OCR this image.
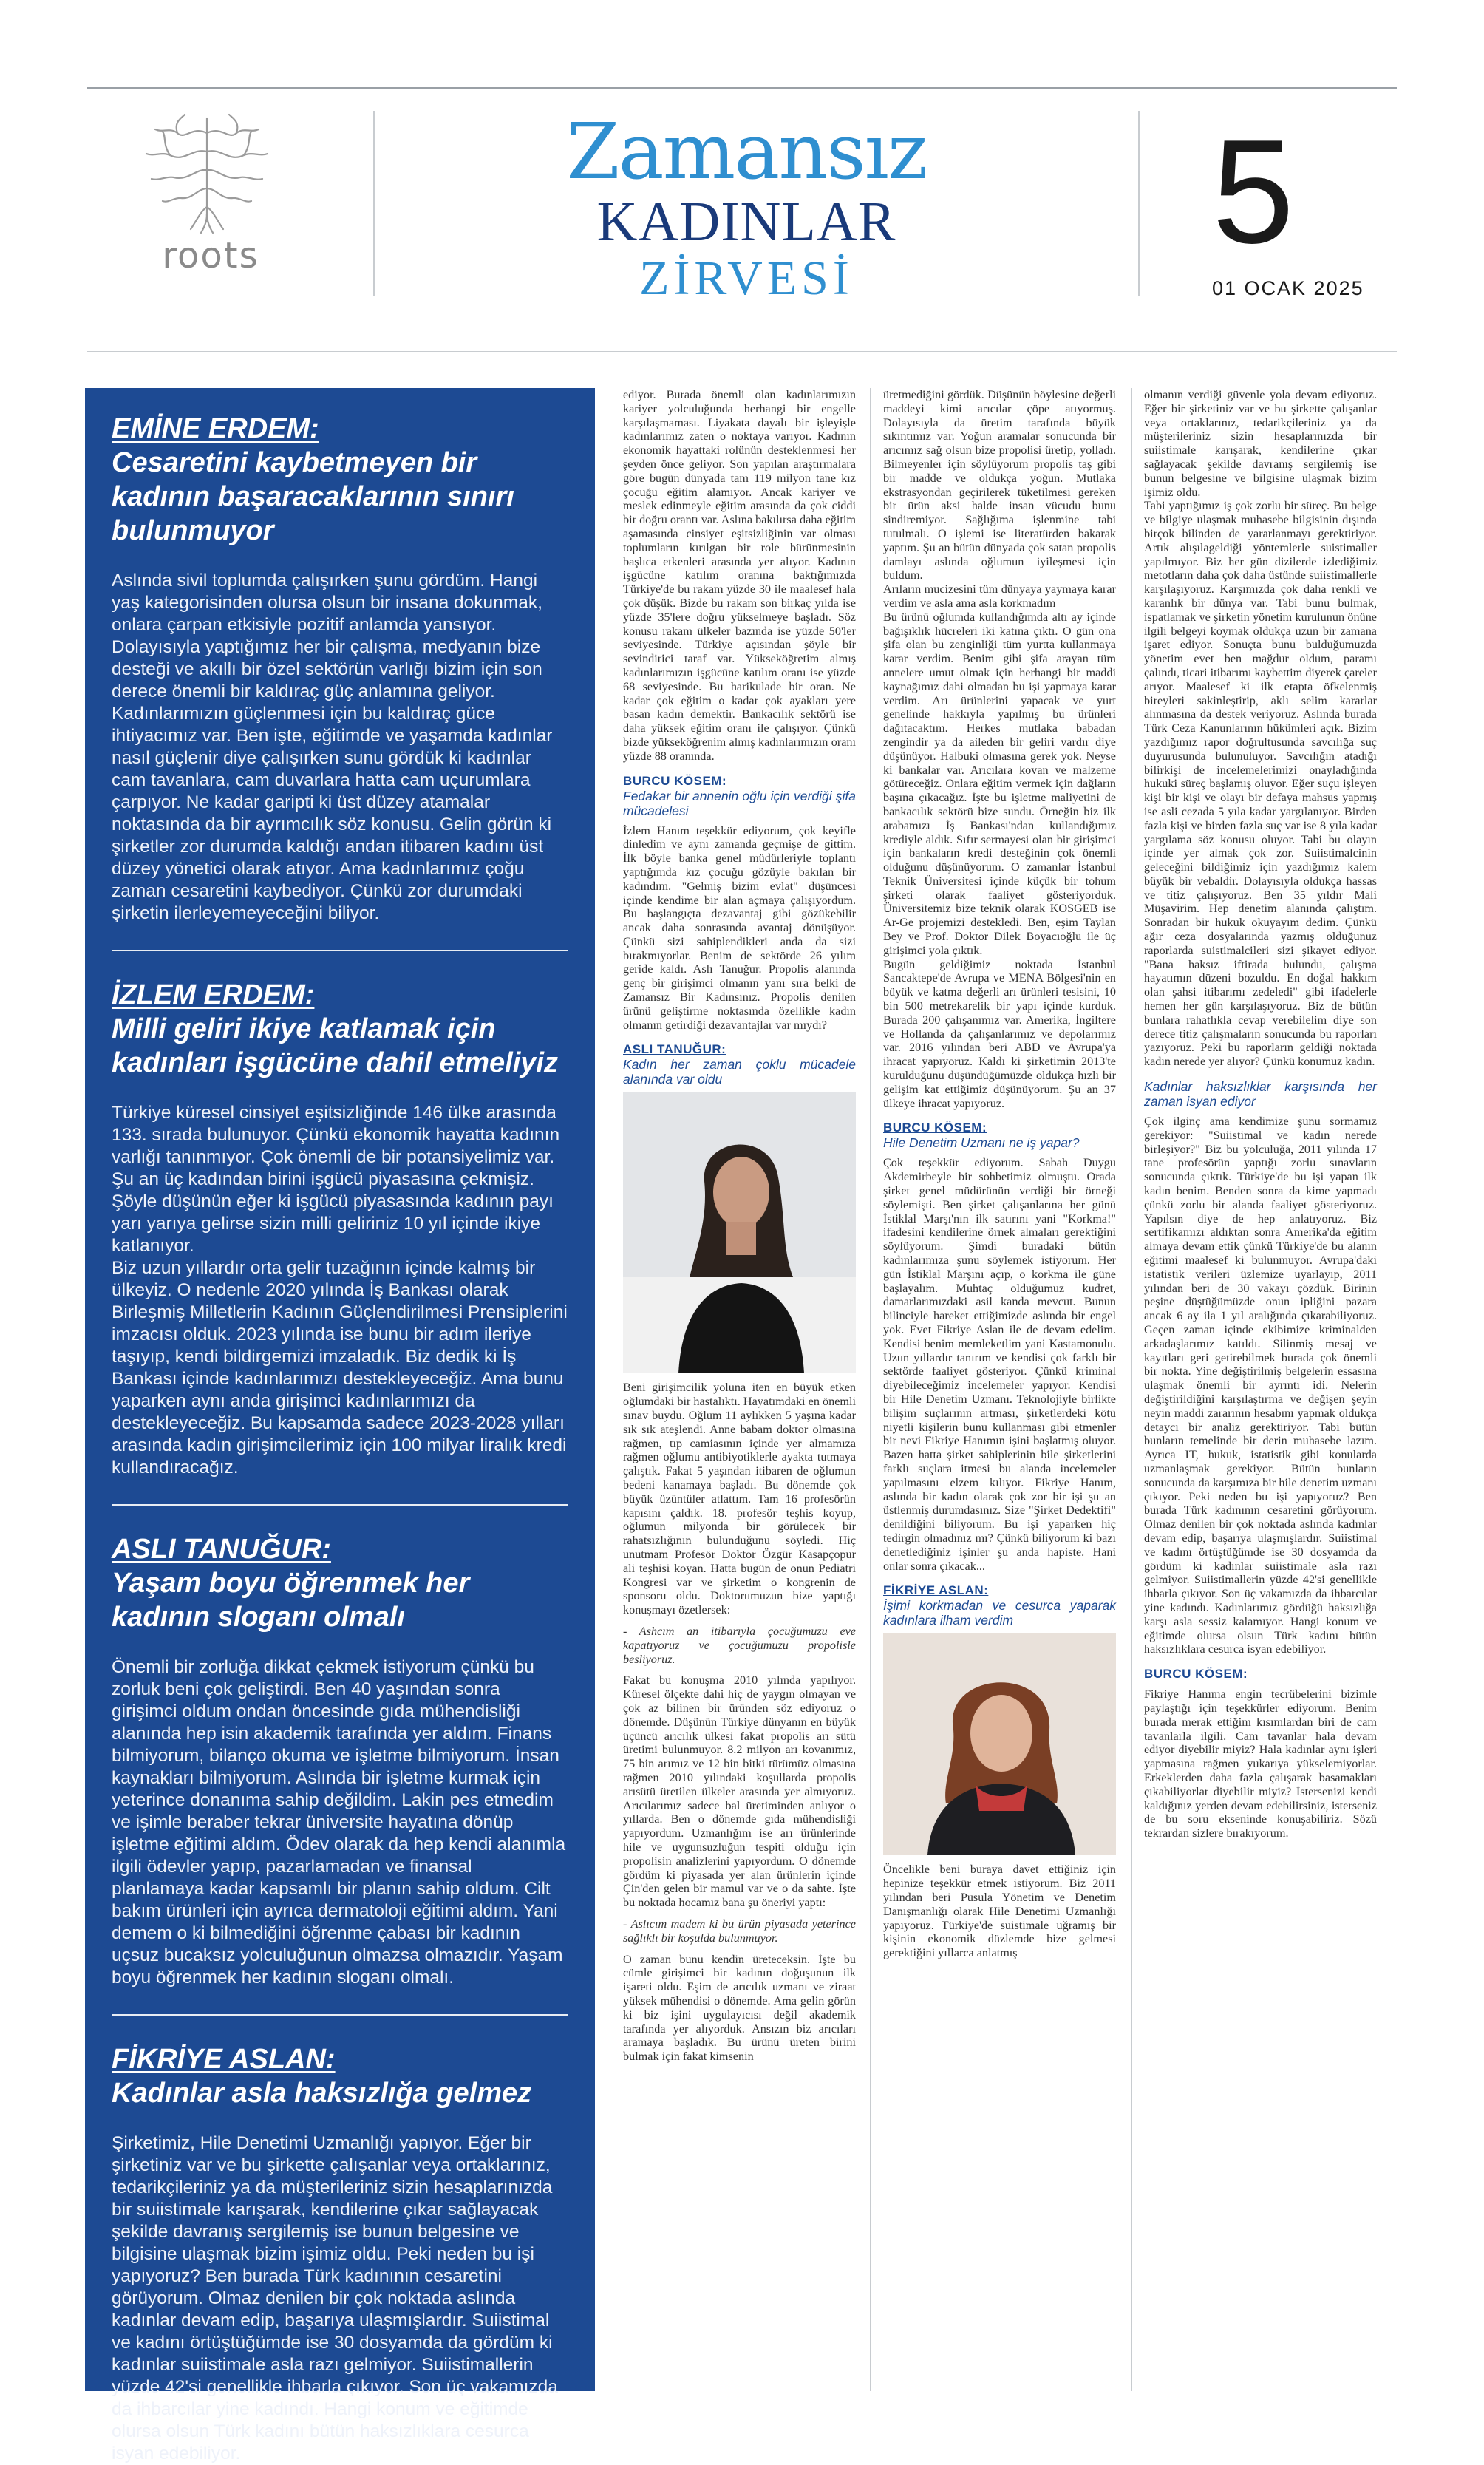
roots
Zamansız
KADINLAR
ZİRVESİ
5
01 OCAK 2025
EMİNE ERDEM:
Cesaretini kaybetmeyen bir kadının başaracaklarının sınırı bulunmuyor

Aslında sivil toplumda çalışırken şunu gördüm. Hangi yaş kategorisinden olursa olsun bir insana dokunmak, onlara çarpan etkisiyle pozitif anlamda yansıyor. Dolayısıyla yaptığımız her bir çalışma, medyanın bize desteği ve akıllı bir özel sektörün varlığı bizim için son derece önemli bir kaldıraç güç anlamına geliyor. Kadınlarımızın güçlenmesi için bu kaldıraç güce ihtiyacımız var. Ben işte, eğitimde ve yaşamda kadınlar nasıl güçlenir diye çalışırken sunu gördük ki kadınlar cam tavanlara, cam duvarlara hatta cam uçurumlara çarpıyor. Ne kadar garipti ki üst düzey atamalar noktasında da bir ayrımcılık söz konusu. Gelin görün ki şirketler zor durumda kaldığı andan itibaren kadını üst düzey yönetici olarak atıyor. Ama kadınlarımız çoğu zaman cesaretini kaybediyor. Çünkü zor durumdaki şirketin ilerleyemeyeceğini biliyor.

İZLEM ERDEM:
Milli geliri ikiye katlamak için kadınları işgücüne dahil etmeliyiz

Türkiye küresel cinsiyet eşitsizliğinde 146 ülke arasında 133. sırada bulunuyor. Çünkü ekonomik hayatta kadının varlığı tanınmıyor. Çok önemli de bir potansiyelimiz var. Şu an üç kadından birini işgücü piyasasına çekmişiz. Şöyle düşünün eğer ki işgücü piyasasında kadının payı yarı yarıya gelirse sizin milli geliriniz 10 yıl içinde ikiye katlanıyor.
Biz uzun yıllardır orta gelir tuzağının içinde kalmış bir ülkeyiz. O nedenle 2020 yılında İş Bankası olarak Birleşmiş Milletlerin Kadının Güçlendirilmesi Prensiplerini imzacısı olduk. 2023 yılında ise bunu bir adım ileriye taşıyıp, kendi bildirgemizi imzaladık. Biz dedik ki İş Bankası içinde kadınlarımızı destekleyeceğiz. Ama bunu yaparken aynı anda girişimci kadınlarımızı da destekleyeceğiz. Bu kapsamda sadece 2023-2028 yılları arasında kadın girişimcilerimiz için 100 milyar liralık kredi kullandıracağız.

ASLI TANUĞUR:
Yaşam boyu öğrenmek her kadının sloganı olmalı

Önemli bir zorluğa dikkat çekmek istiyorum çünkü bu zorluk beni çok geliştirdi. Ben 40 yaşından sonra girişimci oldum ondan öncesinde gıda mühendisliği alanında hep isin akademik tarafında yer aldım. Finans bilmiyorum, bilanço okuma ve işletme bilmiyorum. İnsan kaynakları bilmiyorum. Aslında bir işletme kurmak için yeterince donanıma sahip değildim. Lakin pes etmedim ve işimle beraber tekrar üniversite hayatına dönüp işletme eğitimi aldım. Ödev olarak da hep kendi alanımla ilgili ödevler yapıp, pazarlamadan ve finansal planlamaya kadar kapsamlı bir planın sahip oldum. Cilt bakım ürünleri için ayrıca dermatoloji eğitimi aldım. Yani demem o ki bilmediğini öğrenme çabası bir kadının uçsuz bucaksız yolculuğunun olmazsa olmazıdır. Yaşam boyu öğrenmek her kadının sloganı olmalı.

FİKRİYE ASLAN:
Kadınlar asla haksızlığa gelmez

Şirketimiz, Hile Denetimi Uzmanlığı yapıyor. Eğer bir şirketiniz var ve bu şirkette çalışanlar veya ortaklarınız, tedarikçileriniz ya da müşterileriniz sizin hesaplarınızda bir suiistimale karışarak, kendilerine çıkar sağlayacak şekilde davranış sergilemiş ise bunun belgesine ve bilgisine ulaşmak bizim işimiz oldu. Peki neden bu işi yapıyoruz? Ben burada Türk kadınının cesaretini görüyorum. Olmaz denilen bir çok noktada aslında kadınlar devam edip, başarıya ulaşmışlardır. Suiistimal ve kadını örtüştüğümde ise 30 dosyamda da gördüm ki kadınlar suiistimale asla razı gelmiyor. Suiistimallerin yüzde 42'si genellikle ihbarla çıkıyor. Son üç vakamızda da ihbarcılar yine kadındı. Hangi konum ve eğitimde olursa olsun Türk kadını bütün haksızlıklara cesurca isyan edebiliyor.

ediyor. Burada önemli olan kadınlarımızın kariyer yolculuğunda herhangi bir engelle karşılaşmaması. Liyakata dayalı bir işleyişle kadınlarımız zaten o noktaya varıyor. Kadının ekonomik hayattaki rolünün desteklenmesi her şeyden önce geliyor. Son yapılan araştırmalara göre bugün dünyada tam 119 milyon tane kız çocuğu eğitim alamıyor. Ancak kariyer ve meslek edinmeyle eğitim arasında da çok ciddi bir doğru orantı var. Aslına bakılırsa daha eğitim aşamasında cinsiyet eşitsizliğinin var olması toplumların kırılgan bir role bürünmesinin başlıca etkenleri arasında yer alıyor. Kadının işgücüne katılım oranına baktığımızda Türkiye'de bu rakam yüzde 30 ile maalesef hala çok düşük. Bizde bu rakam son birkaç yılda ise yüzde 35'lere doğru yükselmeye başladı. Söz konusu rakam ülkeler bazında ise yüzde 50'ler seviyesinde. Türkiye açısından şöyle bir sevindirici taraf var. Yükseköğretim almış kadınlarımızın işgücüne katılım oranı ise yüzde 68 seviyesinde. Bu harikulade bir oran. Ne kadar çok eğitim o kadar çok ayakları yere basan kadın demektir. Bankacılık sektörü ise daha yüksek eğitim oranı ile çalışıyor. Çünkü bizde yükseköğrenim almış kadınlarımızın oranı yüzde 88 oranında.

BURCU KÖSEM:
Fedakar bir annenin oğlu için verdiği şifa mücadelesi

İzlem Hanım teşekkür ediyorum, çok keyifle dinledim ve aynı zamanda geçmişe de gittim. İlk böyle banka genel müdürleriyle toplantı yaptığımda kız çocuğu gözüyle bakılan bir kadındım. "Gelmiş bizim evlat" düşüncesi içinde kendime bir alan açmaya çalışıyordum. Bu başlangıçta dezavantaj gibi gözükebilir ancak daha sonrasında avantaj dönüşüyor. Çünkü sizi sahiplendikleri anda da sizi bırakmıyorlar. Benim de sektörde 26 yılım geride kaldı. Aslı Tanuğur. Propolis alanında genç bir girişimci olmanın yanı sıra belki de Zamansız Bir Kadınsınız. Propolis denilen ürünü geliştirme noktasında özellikle kadın olmanın getirdiği dezavantajlar var mıydı?

ASLI TANUĞUR:
Kadın her zaman çoklu mücadele alanında var oldu

Beni girişimcilik yoluna iten en büyük etken oğlumdaki bir hastalıktı. Hayatımdaki en önemli sınav buydu. Oğlum 11 aylıkken 5 yaşına kadar sık sık ateşlendi. Anne babam doktor olmasına rağmen, tıp camiasının içinde yer almamıza rağmen oğlumu antibiyotiklerle ayakta tutmaya çalıştık. Fakat 5 yaşından itibaren de oğlumun bedeni kanamaya başladı. Bu dönemde çok büyük üzüntüler atlattım. Tam 16 profesörün kapısını çaldık. 18. profesör teşhis koyup, oğlumun milyonda bir görülecek bir rahatsızlığının bulunduğunu söyledi. Hiç unutmam Profesör Doktor Özgür Kasapçopur ali teşhisi koyan. Hatta bugün de onun Pediatri Kongresi var ve şirketim o kongrenin de sponsoru oldu. Doktorumuzun bize yaptığı konuşmayı özetlersek:

- Ashcım an itibarıyla çocuğumuzu eve kapatıyoruz ve çocuğumuzu propolisle besliyoruz.

Fakat bu konuşma 2010 yılında yapılıyor. Küresel ölçekte dahi hiç de yaygın olmayan ve çok az bilinen bir üründen söz ediyoruz o dönemde. Düşünün Türkiye dünyanın en büyük üçüncü arıcılık ülkesi fakat propolis arı sütü üretimi bulunmuyor. 8.2 milyon arı kovanımız, 75 bin arımız ve 12 bin bitki türümüz olmasına rağmen 2010 yılındaki koşullarda propolis arısütü üretilen ülkeler arasında yer almıyoruz. Arıcılarımız sadece bal üretiminden anlıyor o yıllarda. Ben o dönemde gıda mühendisliği yapıyordum. Uzmanlığım ise arı ürünlerinde hile ve uygunsuzluğun tespiti olduğu için propolisin analizlerini yapıyordum. O dönemde gördüm ki piyasada yer alan ürünlerin içinde Çin'den gelen bir mamul var ve o da sahte. İşte bu noktada hocamız bana şu öneriyi yaptı:

- Aslıcım madem ki bu ürün piyasada yeterince sağlıklı bir koşulda bulunmuyor.

O zaman bunu kendin üreteceksin. İşte bu cümle girişimci bir kadının doğuşunun ilk işareti oldu. Eşim de arıcılık uzmanı ve ziraat yüksek mühendisi o dönemde. Ama gelin görün ki biz işini uygulayıcısı değil akademik tarafında yer alıyorduk. Ansızın biz arıcıları aramaya başladık. Bu ürünü üreten birini bulmak için fakat kimsenin

üretmediğini gördük. Düşünün böylesine değerli maddeyi kimi arıcılar çöpe atıyormuş. Dolayısıyla da üretim tarafında büyük sıkıntımız var. Yoğun aramalar sonucunda bir arıcımız sağ olsun bize propolisi üretip, yolladı. Bilmeyenler için söylüyorum propolis taş gibi bir madde ve oldukça yoğun. Mutlaka ekstrasyondan geçirilerek tüketilmesi gereken bir ürün aksi halde insan vücudu bunu sindiremiyor. Sağlığıma işlenmine tabi tutulmalı. O işlemi ise literatürden bakarak yaptım. Şu an bütün dünyada çok satan propolis damlayı aslında oğlumun iyileşmesi için buldum.
Arıların mucizesini tüm dünyaya yaymaya karar verdim ve asla ama asla korkmadım
Bu ürünü oğlumda kullandığımda altı ay içinde bağışıklık hücreleri iki katına çıktı. O gün ona şifa olan bu zenginliği tüm yurtta kullanmaya karar verdim. Benim gibi şifa arayan tüm annelere umut olmak için herhangi bir maddi kaynağımız dahi olmadan bu işi yapmaya karar verdim. Arı ürünlerini yapacak ve yurt genelinde hakkıyla yapılmış bu ürünleri dağıtacaktım. Herkes mutlaka babadan zengindir ya da aileden bir geliri vardır diye düşünüyor. Halbuki olmasına gerek yok. Neyse ki bankalar var. Arıcılara kovan ve malzeme götüreceğiz. Onlara eğitim vermek için dağların başına çıkacağız. İşte bu işletme maliyetini de bankacılık sektörü bize sundu. Örneğin biz ilk arabamızı İş Bankası'ndan kullandığımız krediyle aldık. Sıfır sermayesi olan bir girişimci için bankaların kredi desteğinin çok önemli olduğunu düşünüyorum. O zamanlar İstanbul Teknik Üniversitesi içinde küçük bir tohum şirketi olarak faaliyet gösteriyorduk. Üniversitemiz bize teknik olarak KOSGEB ise Ar-Ge projemizi destekledi. Ben, eşim Taylan Bey ve Prof. Doktor Dilek Boyacıoğlu ile üç girişimci yola çıktık.
Bugün geldiğimiz noktada İstanbul Sancaktepe'de Avrupa ve MENA Bölgesi'nin en büyük ve katma değerli arı ürünleri tesisini, 10 bin 500 metrekarelik bir yapı içinde kurduk. Burada 200 çalışanımız var. Amerika, İngiltere ve Hollanda da çalışanlarımız ve depolarımız var. 2016 yılından beri ABD ve Avrupa'ya ihracat yapıyoruz. Kaldı ki şirketimin 2013'te kurulduğunu düşündüğümüzde oldukça hızlı bir gelişim kat ettiğimiz düşünüyorum. Şu an 37 ülkeye ihracat yapıyoruz.

BURCU KÖSEM:
Hile Denetim Uzmanı ne iş yapar?

Çok teşekkür ediyorum. Sabah Duygu Akdemirbeyle bir sohbetimiz olmuştu. Orada şirket genel müdürünün verdiği bir örneği söylemişti. Ben şirket çalışanlarına her günü İstiklal Marşı'nın ilk satırını yani "Korkma!" ifadesini kendilerine örnek almaları gerektiğini söylüyorum. Şimdi buradaki bütün kadınlarımıza şunu söylemek istiyorum. Her gün İstiklal Marşını açıp, o korkma ile güne başlayalım. Muhtaç olduğumuz kudret, damarlarımızdaki asil kanda mevcut. Bunun bilinciyle hareket ettiğimizde aslında bir engel yok. Evet Fikriye Aslan ile de devam edelim. Kendisi benim memleketlim yani Kastamonulu. Uzun yıllardır tanırım ve kendisi çok farklı bir sektörde faaliyet gösteriyor. Çünkü kriminal diyebileceğimiz incelemeler yapıyor. Kendisi bir Hile Denetim Uzmanı. Teknolojiyle birlikte bilişim suçlarının artması, şirketlerdeki kötü niyetli kişilerin bunu kullanması gibi etmenler bir nevi Fikriye Hanımın işini başlatmış oluyor. Bazen hatta şirket sahiplerinin bile şirketlerini farklı suçlara itmesi bu alanda incelemeler yapılmasını elzem kılıyor. Fikriye Hanım, aslında bir kadın olarak çok zor bir işi şu an üstlenmiş durumdasınız. Size "Şirket Dedektifi" denildiğini biliyorum. Bu işi yaparken hiç tedirgin olmadınız mı? Çünkü biliyorum ki bazı denetlediğiniz işinler şu anda hapiste. Hani onlar sonra çıkacak...

FİKRİYE ASLAN:
İşimi korkmadan ve cesurca yaparak kadınlara ilham verdim

Öncelikle beni buraya davet ettiğiniz için hepinize teşekkür etmek istiyorum. Biz 2011 yılından beri Pusula Yönetim ve Denetim Danışmanlığı olarak Hile Denetimi Uzmanlığı yapıyoruz. Türkiye'de suistimale uğramış bir kişinin ekonomik düzlemde bize gelmesi gerektiğini yıllarca anlatmış

olmanın verdiği güvenle yola devam ediyoruz. Eğer bir şirketiniz var ve bu şirkette çalışanlar veya ortaklarınız, tedarikçileriniz ya da müşterileriniz sizin hesaplarınızda bir suiistimale karışarak, kendilerine çıkar sağlayacak şekilde davranış sergilemiş ise bunun belgesine ve bilgisine ulaşmak bizim işimiz oldu.
Tabi yaptığımız iş çok zorlu bir süreç. Bu belge ve bilgiye ulaşmak muhasebe bilgisinin dışında birçok bilinden de yararlanmayı gerektiriyor. Artık alışılageldiği yöntemlerle suistimaller yapılmıyor. Biz her gün dizilerde izlediğimiz metotların daha çok daha üstünde suiistimallerle karşılaşıyoruz. Karşımızda çok daha renkli ve karanlık bir dünya var. Tabi bunu bulmak, ispatlamak ve şirketin yönetim kurulunun önüne ilgili belgeyi koymak oldukça uzun bir zamana işaret ediyor. Sonuçta bunu bulduğumuzda yönetim evet ben mağdur oldum, paramı çalındı, ticari itibarımı kaybettim diyerek çareler arıyor. Maalesef ki ilk etapta öfkelenmiş bireyleri sakinleştirip, aklı selim kararlar alınmasına da destek veriyoruz. Aslında burada Türk Ceza Kanunlarının hükümleri açık. Bizim yazdığımız rapor doğrultusunda savcılığa suç duyurusunda bulunuluyor. Savcılığın atadığı bilirkişi de incelemelerimizi onayladığında hukuki süreç başlamış oluyor. Eğer suçu işleyen kişi bir kişi ve olayı bir defaya mahsus yapmış ise asli cezada 5 yıla kadar yargılanıyor. Birden fazla kişi ve birden fazla suç var ise 8 yıla kadar yargılama söz konusu oluyor. Tabi bu olayın içinde yer almak çok zor. Suiistimalcinin geleceğini bildiğimiz için yazdığımız kalem büyük bir vebaldir. Dolayısıyla oldukça hassas ve titiz çalışıyoruz. Ben 35 yıldır Mali Müşavirim. Hep denetim alanında çalıştım. Sonradan bir hukuk okuyayım dedim. Çünkü ağır ceza dosyalarında yazmış olduğunuz raporlarda suistimalcileri sizi şikayet ediyor. "Bana haksız iftirada bulundu, çalışma hayatımın düzeni bozuldu. En doğal hakkım olan şahsi itibarımı zedeledi" gibi ifadelerle hemen her gün karşılaşıyoruz. Biz de bütün bunlara rahatlıkla cevap verebilelim diye son derece titiz çalışmaların sonucunda bu raporları yazıyoruz. Peki bu raporların geldiği noktada kadın nerede yer alıyor? Çünkü konumuz kadın.

Kadınlar haksızlıklar karşısında her zaman isyan ediyor

Çok ilginç ama kendimize şunu sormamız gerekiyor: "Suiistimal ve kadın nerede birleşiyor?" Biz bu yolculuğa, 2011 yılında 17 tane profesörün yaptığı zorlu sınavların sonucunda çıktık. Türkiye'de bu işi yapan ilk kadın benim. Benden sonra da kime yapmadı çünkü zorlu bir alanda faaliyet gösteriyoruz. Yapılsın diye de hep anlatıyoruz. Biz sertifikamızı aldıktan sonra Amerika'da eğitim almaya devam ettik çünkü Türkiye'de bu alanın eğitimi maalesef ki bulunmuyor. Avrupa'daki istatistik verileri üzlemize uyarlayıp, 2011 yılından beri de 30 vakayı çözdük. Birinin peşine düştüğümüzde onun ipliğini pazara ancak 6 ay ila 1 yıl aralığında çıkarabiliyoruz. Geçen zaman içinde ekibimize kriminalden arkadaşlarımız katıldı. Silinmiş mesaj ve kayıtları geri getirebilmek burada çok önemli bir nokta. Yine değiştirilmiş belgelerin essasına ulaşmak önemli bir ayrıntı idi. Nelerin değiştirildiğini karşılaştırma ve değişen şeyin neyin maddi zararının hesabını yapmak oldukça detaycı bir analiz gerektiriyor. Tabi bütün bunların temelinde bir derin muhasebe lazım. Ayrıca IT, hukuk, istatistik gibi konularda uzmanlaşmak gerekiyor. Bütün bunların sonucunda da karşımıza bir hile denetim uzmanı çıkıyor. Peki neden bu işi yapıyoruz? Ben burada Türk kadınının cesaretini görüyorum. Olmaz denilen bir çok noktada aslında kadınlar devam edip, başarıya ulaşmışlardır. Suiistimal ve kadını örtüştüğümde ise 30 dosyamda da gördüm ki kadınlar suiistimale asla razı gelmiyor. Suiistimallerin yüzde 42'si genellikle ihbarla çıkıyor. Son üç vakamızda da ihbarcılar yine kadındı. Kadınlarımız gördüğü haksızlığa karşı asla sessiz kalamıyor. Hangi konum ve eğitimde olursa olsun Türk kadını bütün haksızlıklara cesurca isyan edebiliyor.

BURCU KÖSEM:

Fikriye Hanıma engin tecrübelerini bizimle paylaştığı için teşekkürler ediyorum. Benim burada merak ettiğim kısımlardan biri de cam tavanlarla ilgili. Cam tavanlar hala devam ediyor diyebilir miyiz? Hala kadınlar aynı işleri yapmasına rağmen yukarıya yükselemiyorlar. Erkeklerden daha fazla çalışarak basamakları çıkabiliyorlar diyebilir miyiz? İstersenizi kendi kaldığınız yerden devam edebilirsiniz, isterseniz de bu soru eksenindе konuşabiliriz. Sözü tekrardan sizlere bırakıyorum.
